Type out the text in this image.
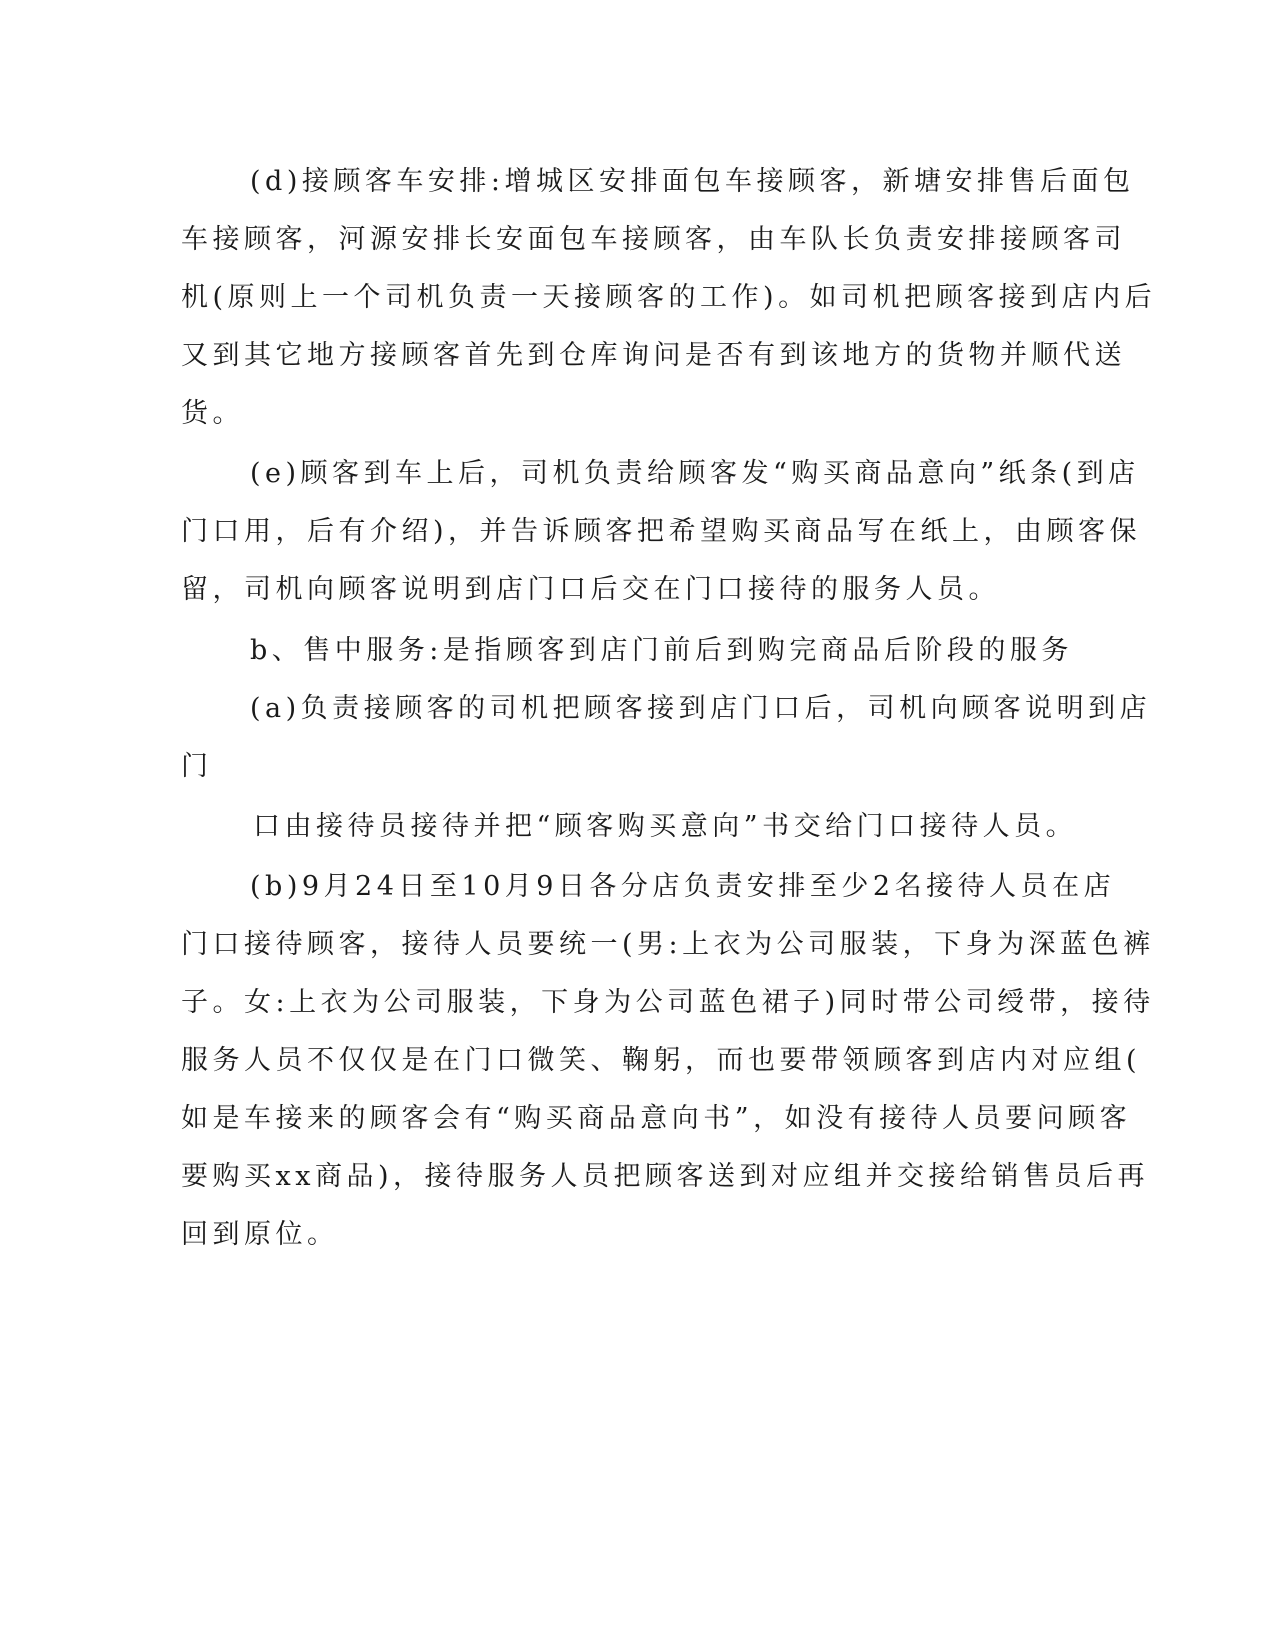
(d)接顾客车安排:增城区安排面包车接顾客，新塘安排售后面包
车接顾客，河源安排长安面包车接顾客，由车队长负责安排接顾客司
机(原则上一个司机负责一天接顾客的工作)。如司机把顾客接到店内后
又到其它地方接顾客首先到仓库询问是否有到该地方的货物并顺代送
货。
(e)顾客到车上后，司机负责给顾客发“购买商品意向”纸条(到店
门口用，后有介绍)，并告诉顾客把希望购买商品写在纸上，由顾客保
留，司机向顾客说明到店门口后交在门口接待的服务人员。
b、售中服务:是指顾客到店门前后到购完商品后阶段的服务
(a)负责接顾客的司机把顾客接到店门口后，司机向顾客说明到店
门
口由接待员接待并把“顾客购买意向”书交给门口接待人员。
(b)9月24日至10月9日各分店负责安排至少2名接待人员在店
门口接待顾客，接待人员要统一(男:上衣为公司服装，下身为深蓝色裤
子。女:上衣为公司服装，下身为公司蓝色裙子)同时带公司绶带，接待
服务人员不仅仅是在门口微笑、鞠躬，而也要带领顾客到店内对应组(
如是车接来的顾客会有“购买商品意向书”，如没有接待人员要问顾客
要购买xx商品)，接待服务人员把顾客送到对应组并交接给销售员后再
回到原位。
